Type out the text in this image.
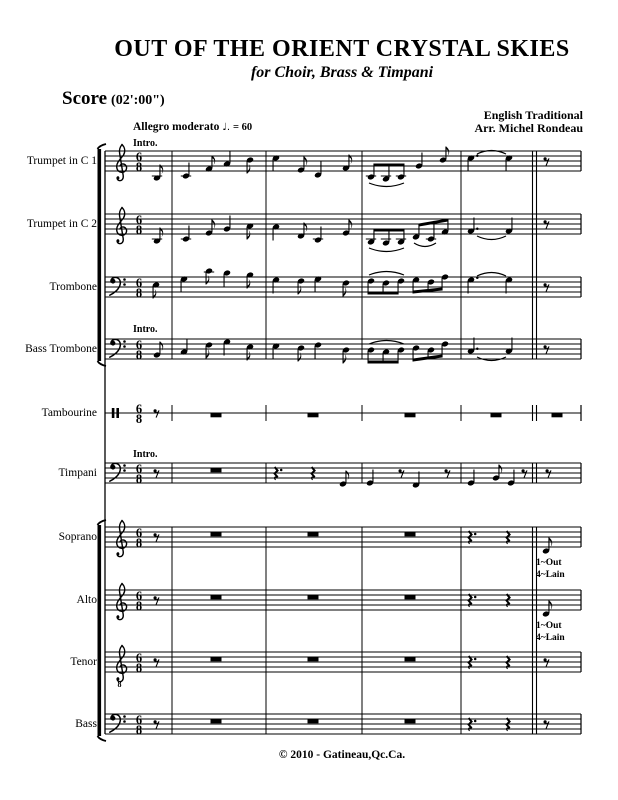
OUT OF THE ORIENT CRYSTAL SKIES
for Choir, Brass & Timpani
Score (02':00")
English Traditional
Arr. Michel Rondeau
Allegro moderato ♩. = 60
Intro.
Intro.
Intro.
Trumpet in C 1
Trumpet in C 2
Trombone
Bass Trombone
Tambourine
Timpani
Soprano
Alto
Tenor
Bass
1~Out
4~Lain
1~Out
4~Lain
6
8
6
8
6
8
6
8
6
8
6
8
6
8
6
8
8
6
8
6
8
© 2010 - Gatineau,Qc.Ca.
